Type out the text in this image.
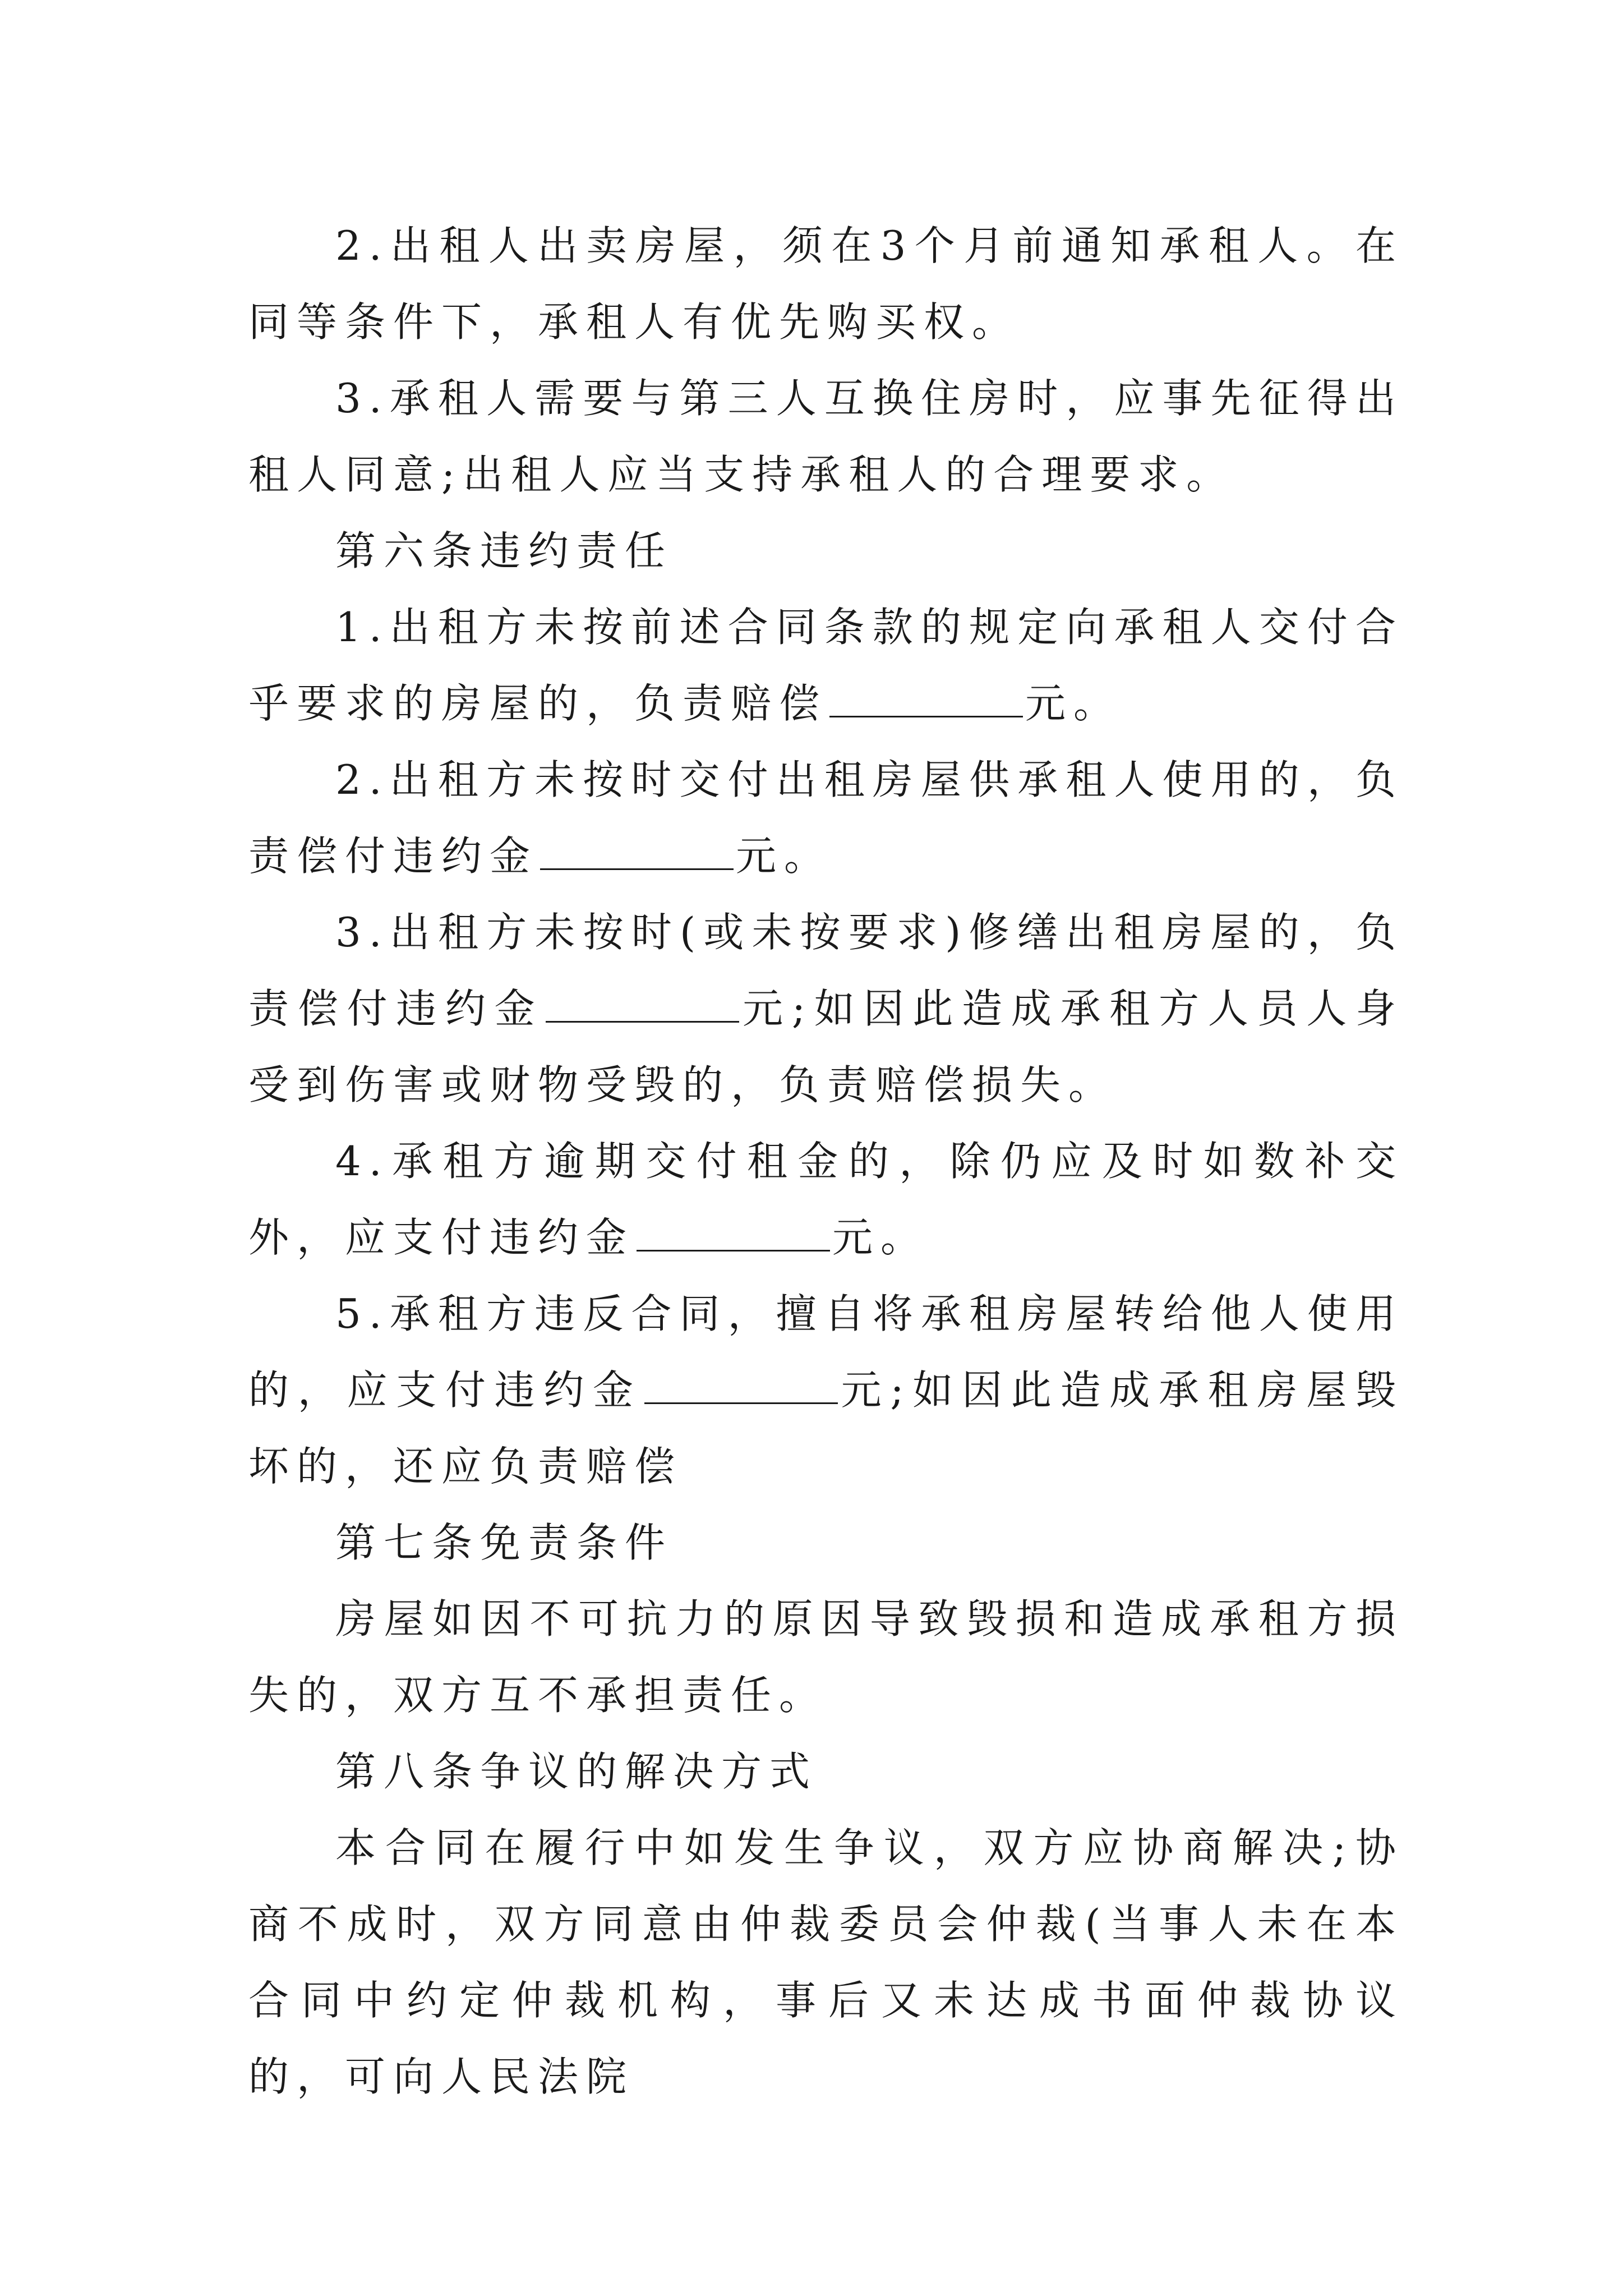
2.出租人出卖房屋，须在3个月前通知承租人。在同等条件下，承租人有优先购买权。

3.承租人需要与第三人互换住房时，应事先征得出租人同意;出租人应当支持承租人的合理要求。

第六条违约责任

1.出租方未按前述合同条款的规定向承租人交付合乎要求的房屋的，负责赔偿	元。

2.出租方未按时交付出租房屋供承租人使用的，负责偿付违约金	元。

3.出租方未按时(或未按要求)修缮出租房屋的，负责偿付违约金	元;如因此造成承租方人员人身受到伤害或财物受毁的，负责赔偿损失。

4.承租方逾期交付租金的，除仍应及时如数补交外，应支付违约金	元。

5.承租方违反合同，擅自将承租房屋转给他人使用的，应支付违约金	元;如因此造成承租房屋毁坏的，还应负责赔偿

第七条免责条件

房屋如因不可抗力的原因导致毁损和造成承租方损失的，双方互不承担责任。

第八条争议的解决方式

本合同在履行中如发生争议，双方应协商解决;协商不成时，双方同意由仲裁委员会仲裁(当事人未在本合同中约定仲裁机构，事后又未达成书面仲裁协议的，可向人民法院
